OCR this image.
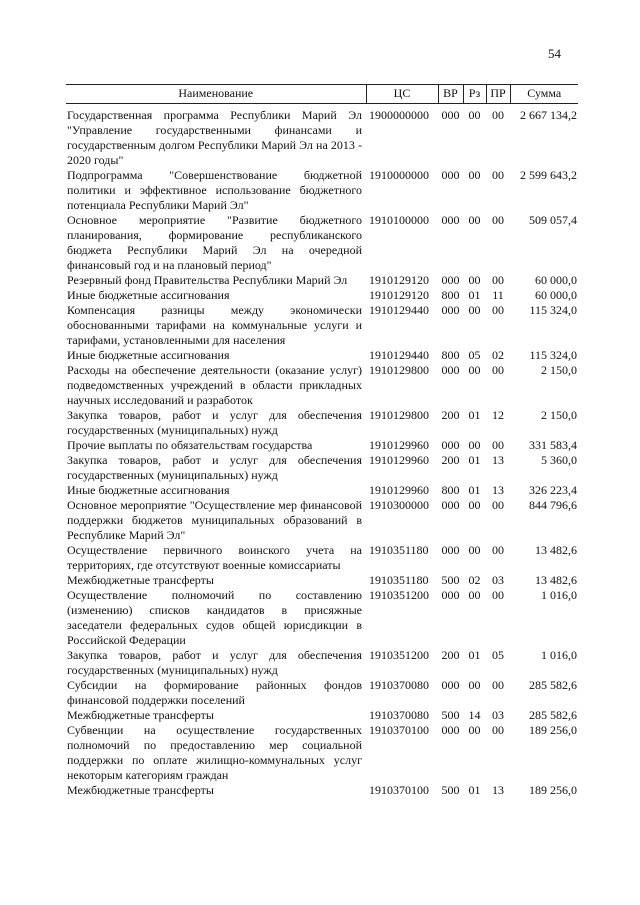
54
Наименование	ЦС	ВР	Рз	ПР	Сумма
Государственная программа Республики Марий Эл "Управление государственными финансами и государственным долгом Республики Марий Эл на 2013 - 2020 годы"	1900000000	000	00	00	2 667 134,2
Подпрограмма "Совершенствование бюджетной политики и эффективное использование бюджетного потенциала Республики Марий Эл"	1910000000	000	00	00	2 599 643,2
Основное мероприятие "Развитие бюджетного планирования, формирование республиканского бюджета Республики Марий Эл на очередной финансовый год и на плановый период"	1910100000	000	00	00	509 057,4
Резервный фонд Правительства Республики Марий Эл	1910129120	000	00	00	60 000,0
Иные бюджетные ассигнования	1910129120	800	01	11	60 000,0
Компенсация разницы между экономически обоснованными тарифами на коммунальные услуги и тарифами, установленными для населения	1910129440	000	00	00	115 324,0
Иные бюджетные ассигнования	1910129440	800	05	02	115 324,0
Расходы на обеспечение деятельности (оказание услуг) подведомственных учреждений в области прикладных научных исследований и разработок	1910129800	000	00	00	2 150,0
Закупка товаров, работ и услуг для обеспечения государственных (муниципальных) нужд	1910129800	200	01	12	2 150,0
Прочие выплаты по обязательствам государства	1910129960	000	00	00	331 583,4
Закупка товаров, работ и услуг для обеспечения государственных (муниципальных) нужд	1910129960	200	01	13	5 360,0
Иные бюджетные ассигнования	1910129960	800	01	13	326 223,4
Основное мероприятие "Осуществление мер финансовой поддержки бюджетов муниципальных образований в Республике Марий Эл"	1910300000	000	00	00	844 796,6
Осуществление первичного воинского учета на территориях, где отсутствуют военные комиссариаты	1910351180	000	00	00	13 482,6
Межбюджетные трансферты	1910351180	500	02	03	13 482,6
Осуществление полномочий по составлению (изменению) списков кандидатов в присяжные заседатели федеральных судов общей юрисдикции в Российской Федерации	1910351200	000	00	00	1 016,0
Закупка товаров, работ и услуг для обеспечения государственных (муниципальных) нужд	1910351200	200	01	05	1 016,0
Субсидии на формирование районных фондов финансовой поддержки поселений	1910370080	000	00	00	285 582,6
Межбюджетные трансферты	1910370080	500	14	03	285 582,6
Субвенции на осуществление государственных полномочий по предоставлению мер социальной поддержки по оплате жилищно-коммунальных услуг некоторым категориям граждан	1910370100	000	00	00	189 256,0
Межбюджетные трансферты	1910370100	500	01	13	189 256,0
